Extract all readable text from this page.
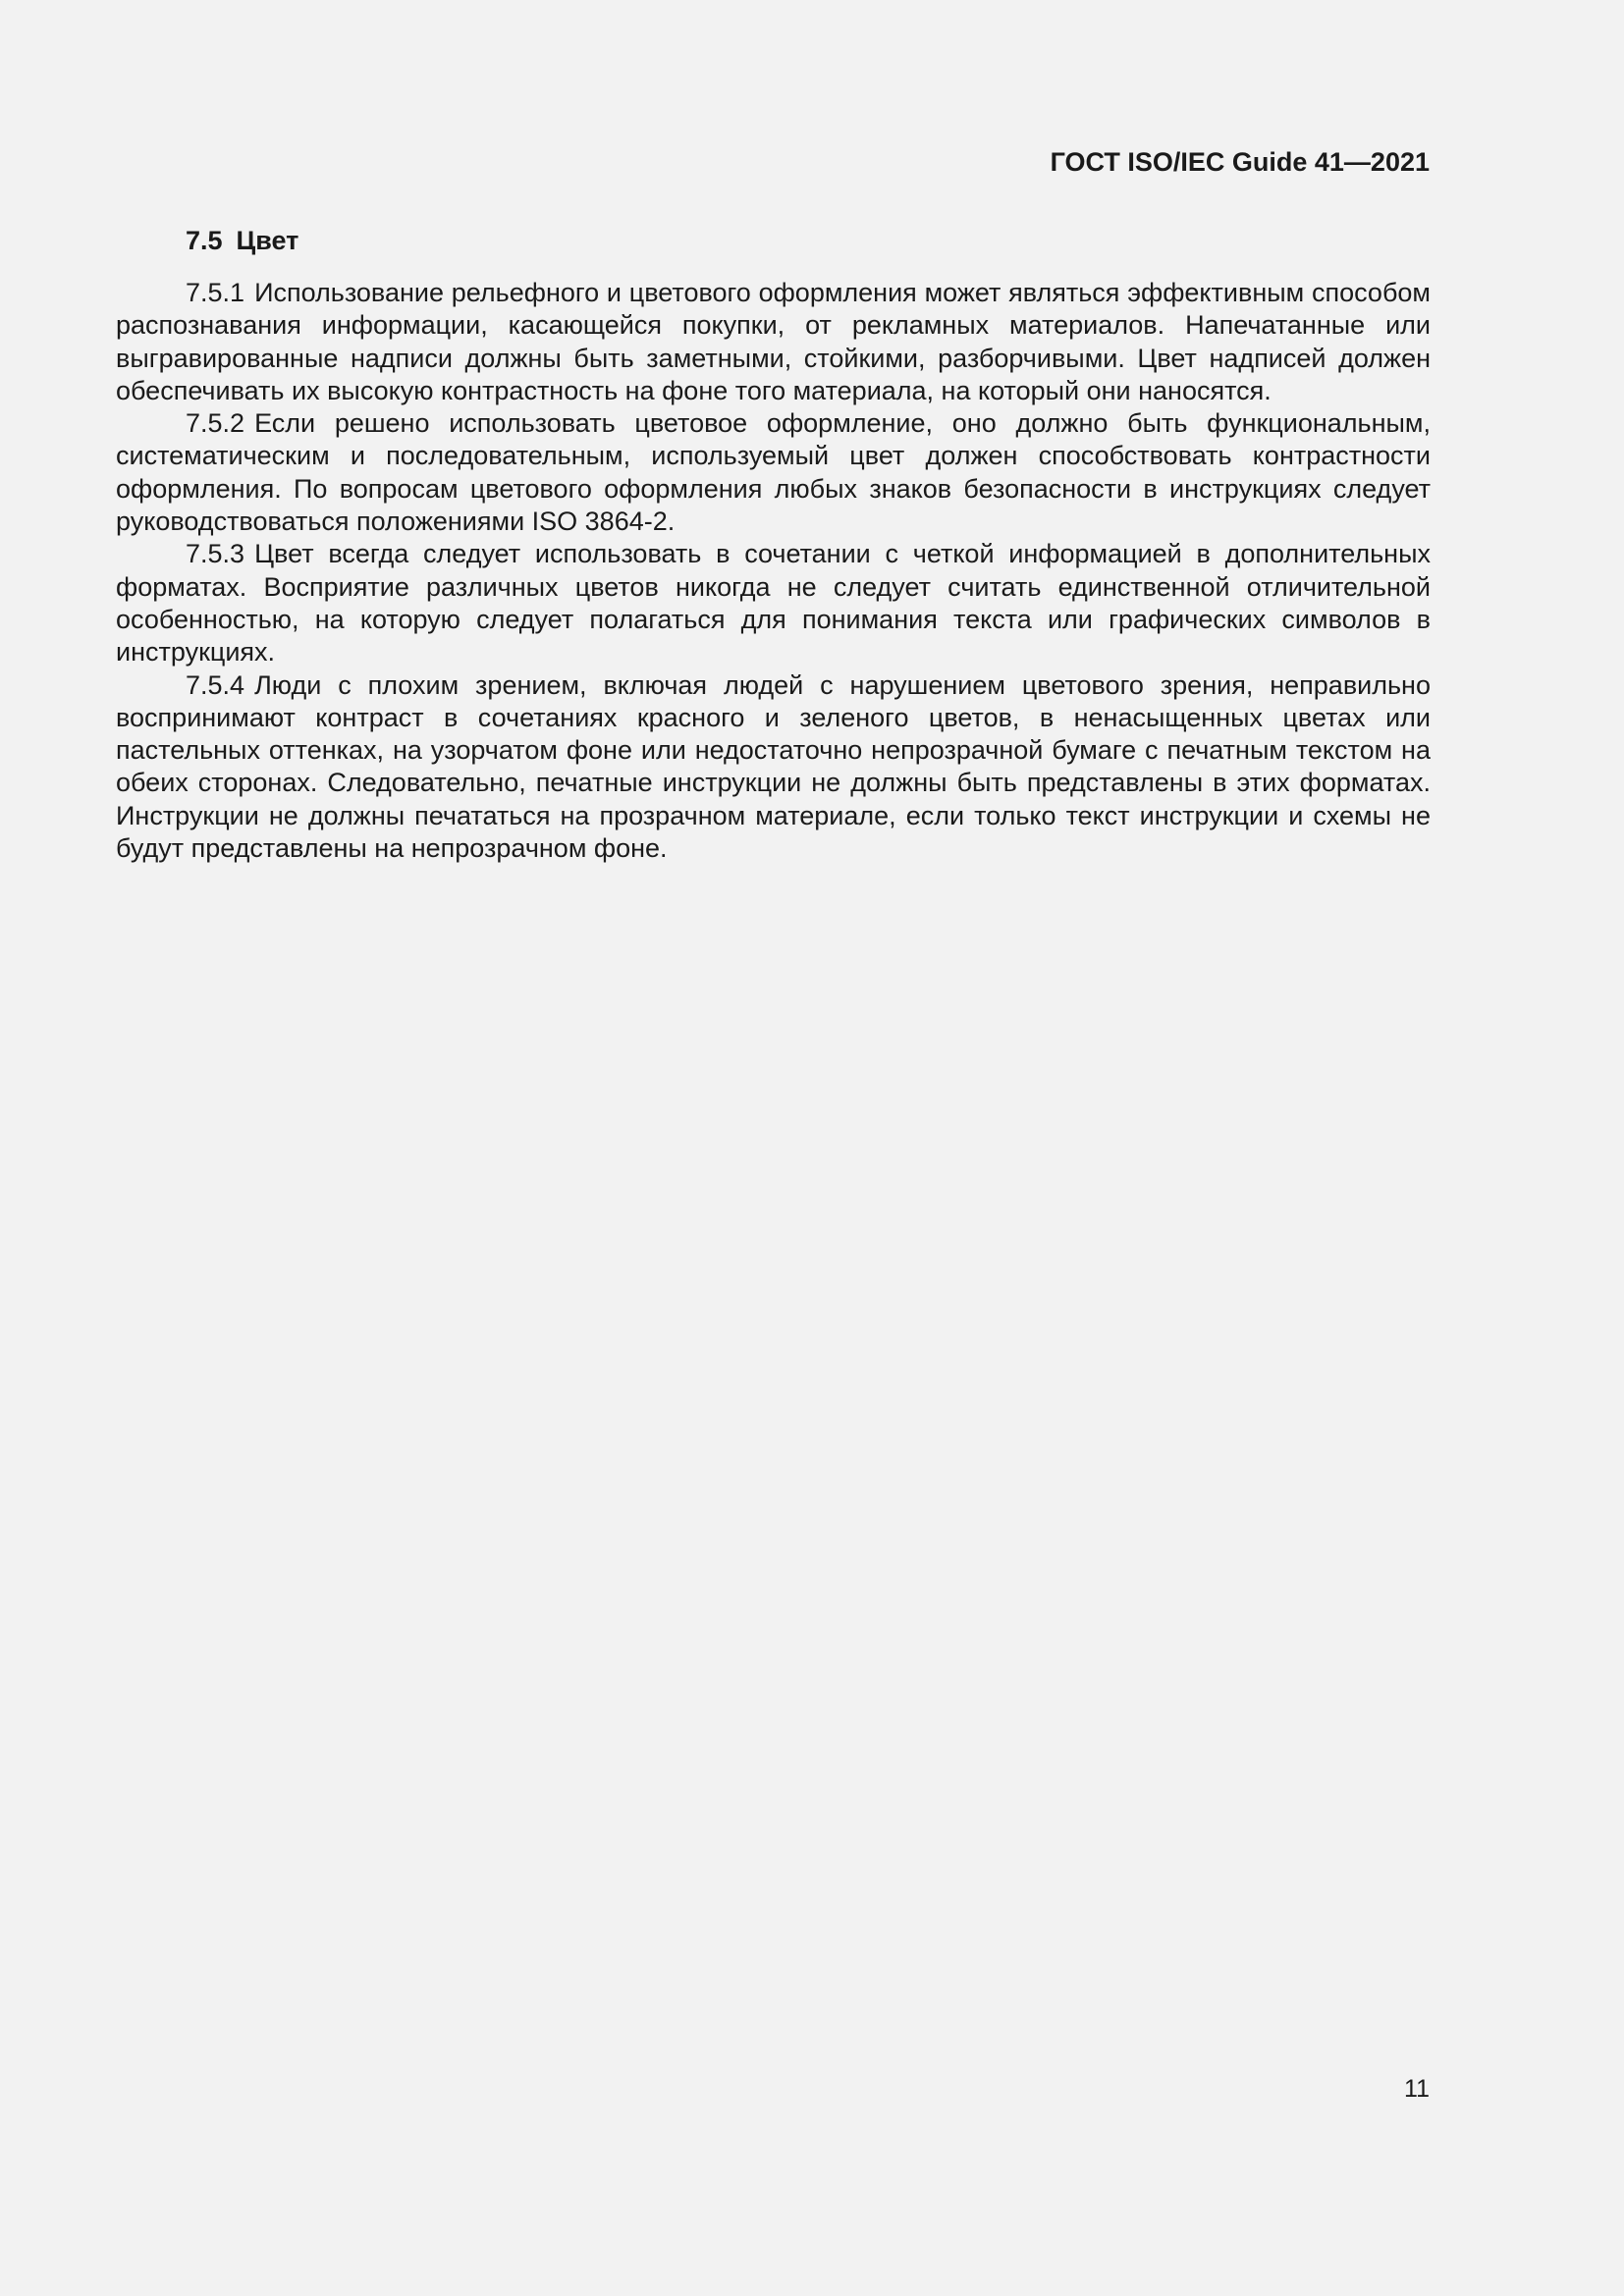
ГОСТ ISO/IEC Guide 41—2021
7.5 Цвет

7.5.1 Использование рельефного и цветового оформления может являться эффективным способом распознавания информации, касающейся покупки, от рекламных материалов. Напечатанные или выгравированные надписи должны быть заметными, стойкими, разборчивыми. Цвет надписей должен обеспечивать их высокую контрастность на фоне того материала, на который они наносятся.

7.5.2 Если решено использовать цветовое оформление, оно должно быть функциональным, систематическим и последовательным, используемый цвет должен способствовать контрастности оформления. По вопросам цветового оформления любых знаков безопасности в инструкциях следует руководствоваться положениями ISO 3864-2.

7.5.3 Цвет всегда следует использовать в сочетании с четкой информацией в дополнительных форматах. Восприятие различных цветов никогда не следует считать единственной отличительной особенностью, на которую следует полагаться для понимания текста или графических символов в инструкциях.

7.5.4 Люди с плохим зрением, включая людей с нарушением цветового зрения, неправильно воспринимают контраст в сочетаниях красного и зеленого цветов, в ненасыщенных цветах или пастельных оттенках, на узорчатом фоне или недостаточно непрозрачной бумаге с печатным текстом на обеих сторонах. Следовательно, печатные инструкции не должны быть представлены в этих форматах. Инструкции не должны печататься на прозрачном материале, если только текст инструкции и схемы не будут представлены на непрозрачном фоне.

11
